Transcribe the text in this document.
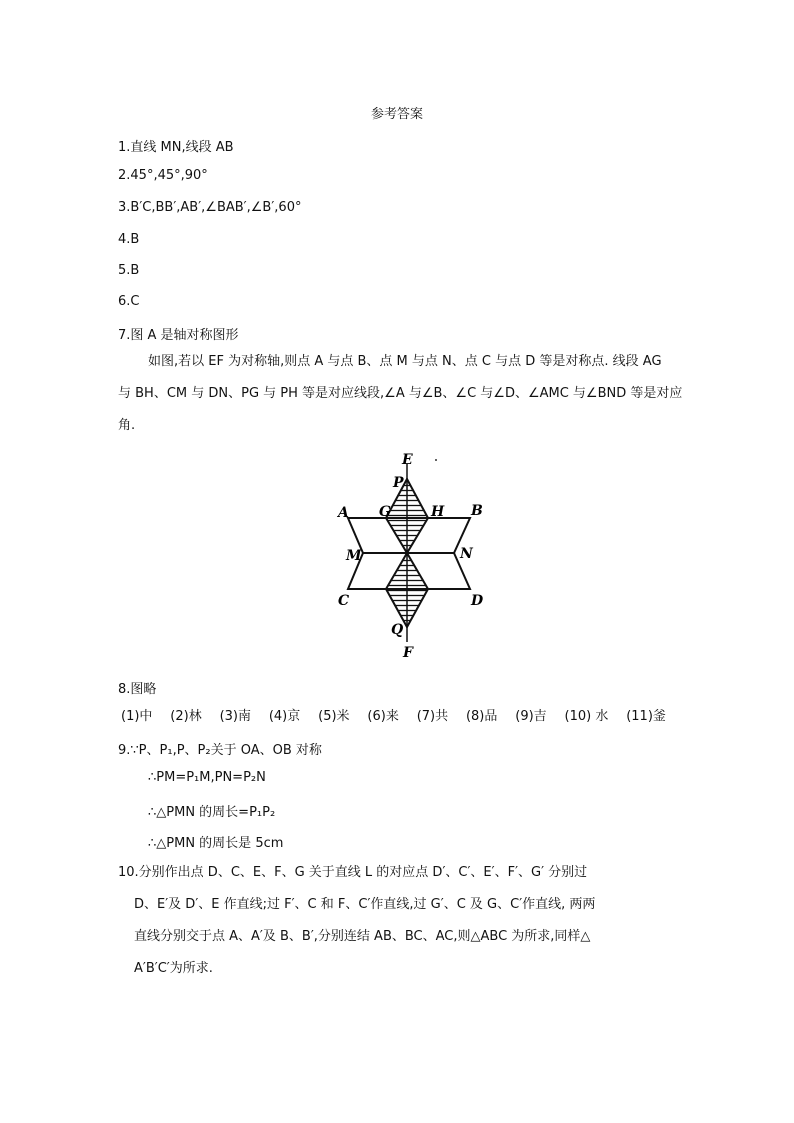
参考答案
1.直线 MN,线段 AB
2.45°,45°,90°
3.B′C,BB′,AB′,∠BAB′,∠B′,60°
4.B
5.B
6.C
7.图 A 是轴对称图形
如图,若以 EF 为对称轴,则点 A 与点 B、点 M 与点 N、点 C 与点 D 等是对称点. 线段 AG
与 BH、CM 与 DN、PG 与 PH 等是对应线段,∠A 与∠B、∠C 与∠D、∠AMC 与∠BND 等是对应
角.
E
P
G	H
A	B
M	N
C	D
Q
F
8.图略
(1)中 (2)林 (3)南 (4)京 (5)米 (6)来 (7)共 (8)品 (9)吉 (10) 水 (11)釜
9.∵P、P₁,P、P₂关于 OA、OB 对称
∴PM=P₁M,PN=P₂N
∴△PMN 的周长=P₁P₂
∴△PMN 的周长是 5cm
10.分别作出点 D、C、E、F、G 关于直线 L 的对应点 D′、C′、E′、F′、G′ 分别过
D、E′及 D′、E 作直线;过 F′、C 和 F、C′作直线,过 G′、C 及 G、C′作直线, 两两
直线分别交于点 A、A′及 B、B′,分别连结 AB、BC、AC,则△ABC 为所求,同样△
A′B′C′为所求.
